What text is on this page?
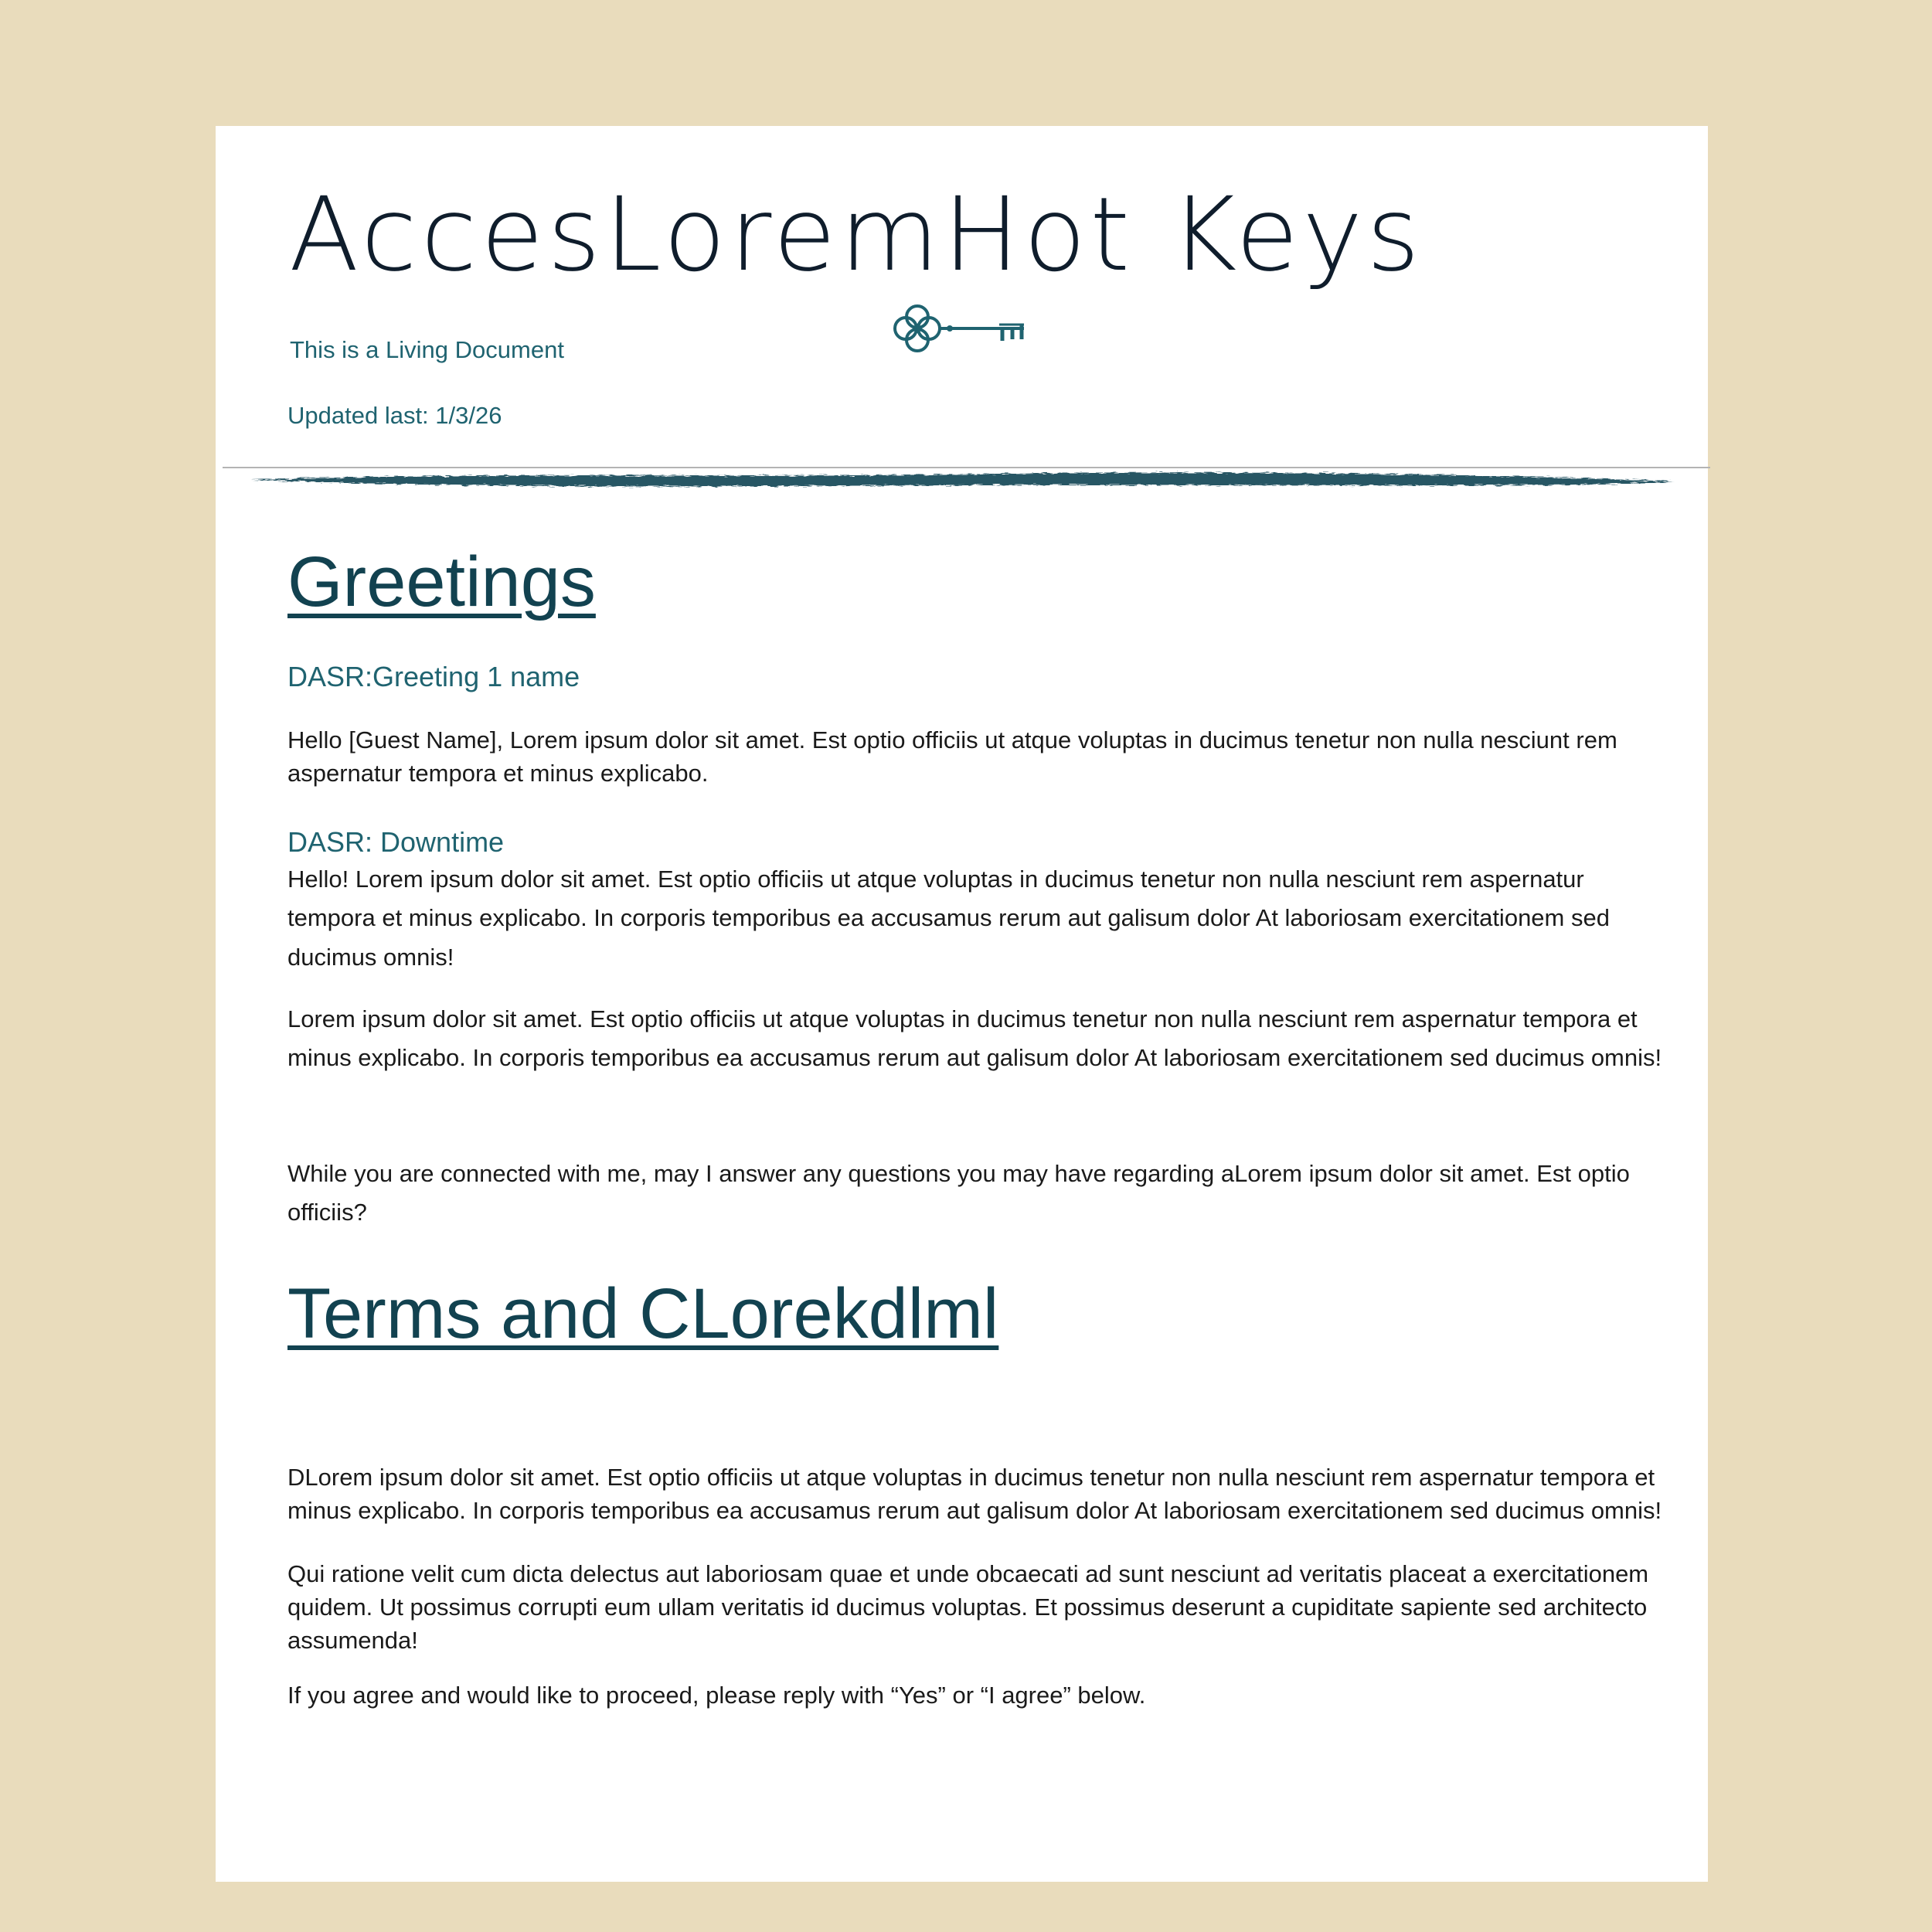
AccesLoremHot Keys

This is a Living Document

Updated last: 1/3/26

Greetings
DASR:Greeting 1 name

Hello [Guest Name], Lorem ipsum dolor sit amet. Est optio officiis ut atque voluptas in ducimus tenetur non nulla nesciunt rem aspernatur tempora et minus explicabo.

DASR: Downtime

Hello! Lorem ipsum dolor sit amet. Est optio officiis ut atque voluptas in ducimus tenetur non nulla nesciunt rem aspernatur tempora et minus explicabo. In corporis temporibus ea accusamus rerum aut galisum dolor At laboriosam exercitationem sed ducimus omnis!

Lorem ipsum dolor sit amet. Est optio officiis ut atque voluptas in ducimus tenetur non nulla nesciunt rem aspernatur tempora et minus explicabo. In corporis temporibus ea accusamus rerum aut galisum dolor At laboriosam exercitationem sed ducimus omnis!

While you are connected with me, may I answer any questions you may have regarding aLorem ipsum dolor sit amet. Est optio officiis?

Terms and CLorekdlml

DLorem ipsum dolor sit amet. Est optio officiis ut atque voluptas in ducimus tenetur non nulla nesciunt rem aspernatur tempora et minus explicabo. In corporis temporibus ea accusamus rerum aut galisum dolor At laboriosam exercitationem sed ducimus omnis!

Qui ratione velit cum dicta delectus aut laboriosam quae et unde obcaecati ad sunt nesciunt ad veritatis placeat a exercitationem quidem. Ut possimus corrupti eum ullam veritatis id ducimus voluptas. Et possimus deserunt a cupiditate sapiente sed architecto assumenda!

If you agree and would like to proceed, please reply with “Yes” or “I agree” below.
